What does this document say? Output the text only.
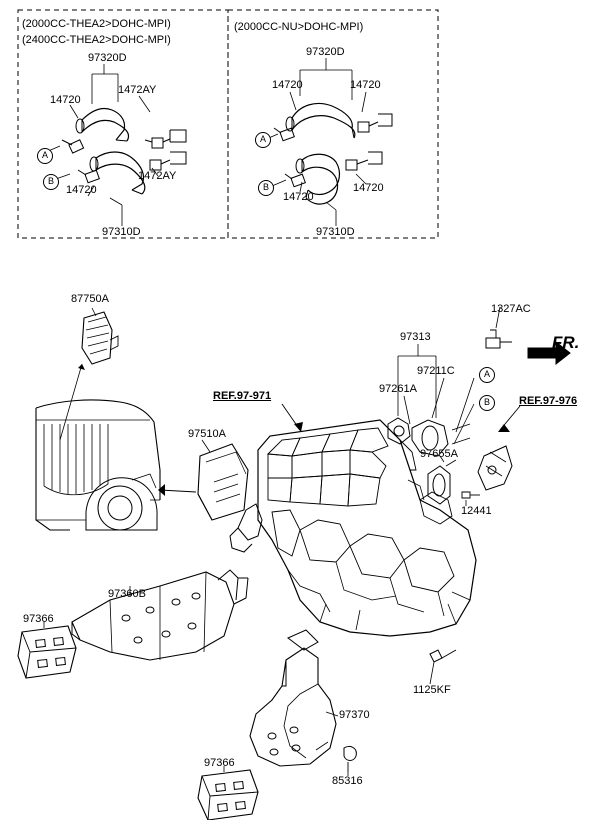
(2000CC-THEA2>DOHC-MPI)
(2400CC-THEA2>DOHC-MPI)
(2000CC-NU>DOHC-MPI)
97320D
14720
1472AY
1472AY
14720
97310D
A
B
97320D
14720	14720
14720
14720
97310D
A
B
87750A
1327AC
97313
97211C
97261A
97510A
97655A
12441
97360B
97366
1125KF
97370
97366
85316
REF.97-971	REF.97-976
A
B
FR.
